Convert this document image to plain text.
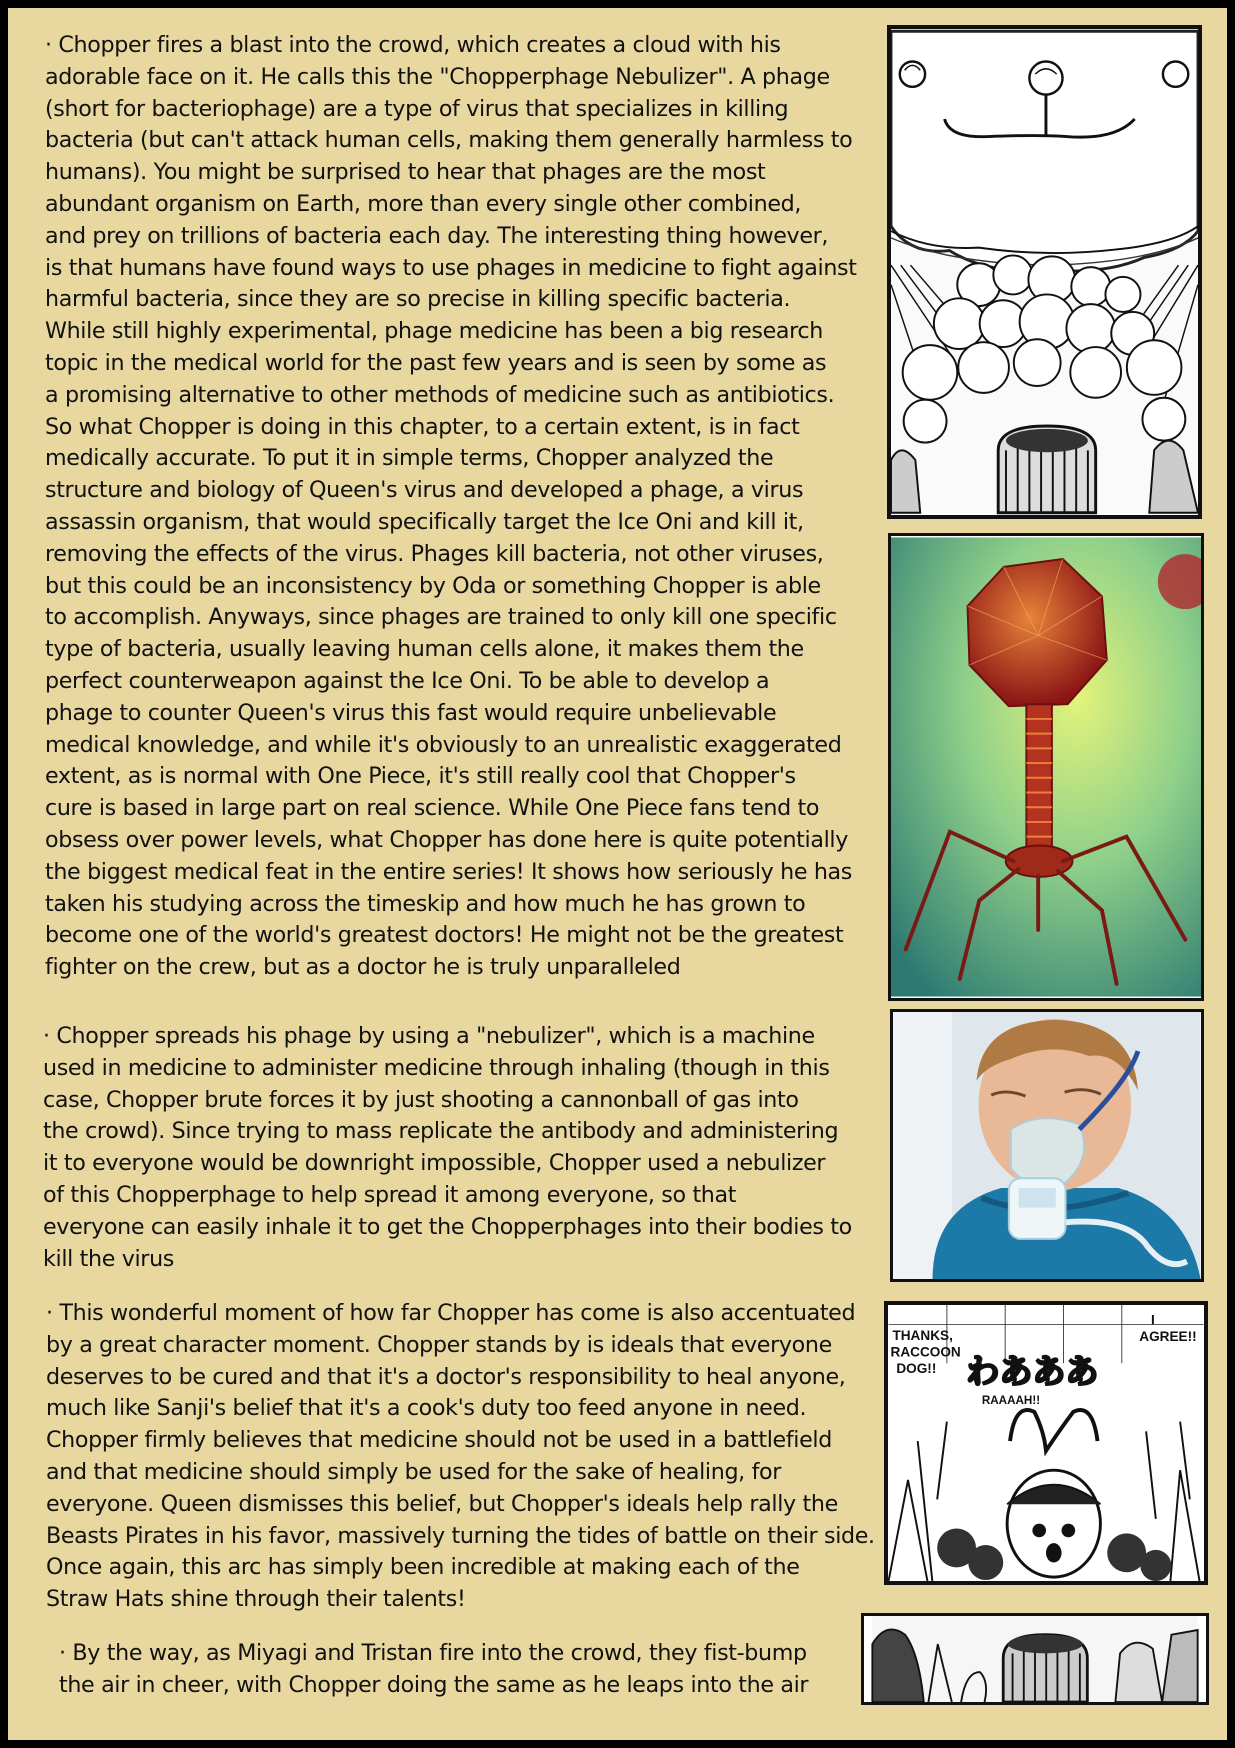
· Chopper fires a blast into the crowd, which creates a cloud with his
adorable face on it. He calls this the "Chopperphage Nebulizer". A phage
(short for bacteriophage) are a type of virus that specializes in killing
bacteria (but can't attack human cells, making them generally harmless to
humans). You might be surprised to hear that phages are the most
abundant organism on Earth, more than every single other combined,
and prey on trillions of bacteria each day. The interesting thing however,
is that humans have found ways to use phages in medicine to fight against
harmful bacteria, since they are so precise in killing specific bacteria.
While still highly experimental, phage medicine has been a big research
topic in the medical world for the past few years and is seen by some as
a promising alternative to other methods of medicine such as antibiotics.
So what Chopper is doing in this chapter, to a certain extent, is in fact
medically accurate. To put it in simple terms, Chopper analyzed the
structure and biology of Queen's virus and developed a phage, a virus
assassin organism, that would specifically target the Ice Oni and kill it,
removing the effects of the virus. Phages kill bacteria, not other viruses,
but this could be an inconsistency by Oda or something Chopper is able
to accomplish. Anyways, since phages are trained to only kill one specific
type of bacteria, usually leaving human cells alone, it makes them the
perfect counterweapon against the Ice Oni. To be able to develop a
phage to counter Queen's virus this fast would require unbelievable
medical knowledge, and while it's obviously to an unrealistic exaggerated
extent, as is normal with One Piece, it's still really cool that Chopper's
cure is based in large part on real science. While One Piece fans tend to
obsess over power levels, what Chopper has done here is quite potentially
the biggest medical feat in the entire series! It shows how seriously he has
taken his studying across the timeskip and how much he has grown to
become one of the world's greatest doctors! He might not be the greatest
fighter on the crew, but as a doctor he is truly unparalleled

· Chopper spreads his phage by using a "nebulizer", which is a machine
used in medicine to administer medicine through inhaling (though in this
case, Chopper brute forces it by just shooting a cannonball of gas into
the crowd). Since trying to mass replicate the antibody and administering
it to everyone would be downright impossible, Chopper used a nebulizer
of this Chopperphage to help spread it among everyone, so that
everyone can easily inhale it to get the Chopperphages into their bodies to
kill the virus

· This wonderful moment of how far Chopper has come is also accentuated
by a great character moment. Chopper stands by is ideals that everyone
deserves to be cured and that it's a doctor's responsibility to heal anyone,
much like Sanji's belief that it's a cook's duty too feed anyone in need.
Chopper firmly believes that medicine should not be used in a battlefield
and that medicine should simply be used for the sake of healing, for
everyone. Queen dismisses this belief, but Chopper's ideals help rally the
Beasts Pirates in his favor, massively turning the tides of battle on their side.
Once again, this arc has simply been incredible at making each of the
Straw Hats shine through their talents!

· By the way, as Miyagi and Tristan fire into the crowd, they fist-bump
the air in cheer, with Chopper doing the same as he leaps into the air

THANKS, RACCOON DOG!!
I AGREE!!
わあああ
RAAAAH!!
